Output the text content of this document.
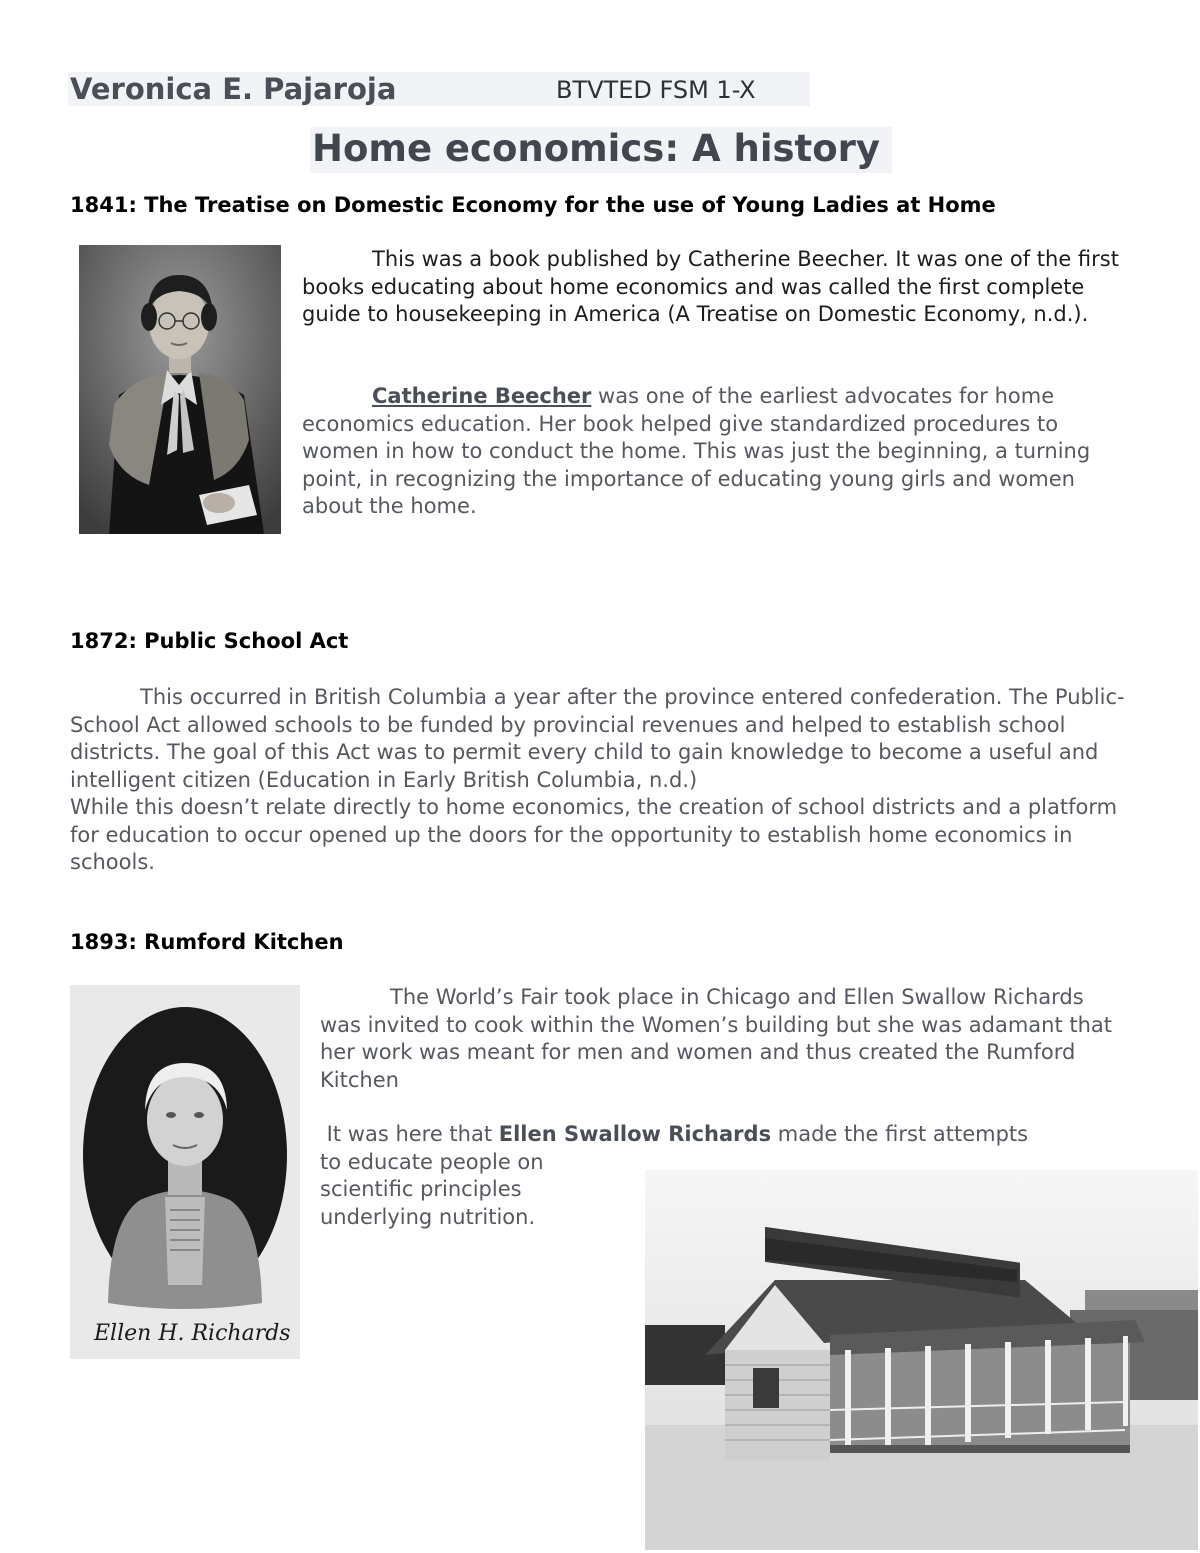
Veronica E. Pajaroja	BTVTED FSM 1-X
Home economics: A history
1841: The Treatise on Domestic Economy for the use of Young Ladies at Home
This was a book published by Catherine Beecher. It was one of the first books educating about home economics and was called the first complete guide to housekeeping in America (A Treatise on Domestic Economy, n.d.).
Catherine Beecher was one of the earliest advocates for home economics education. Her book helped give standardized procedures to women in how to conduct the home. This was just the beginning, a turning point, in recognizing the importance of educating young girls and women about the home.
1872: Public School Act
This occurred in British Columbia a year after the province entered confederation. The Public-School Act allowed schools to be funded by provincial revenues and helped to establish school districts. The goal of this Act was to permit every child to gain knowledge to become a useful and intelligent citizen (Education in Early British Columbia, n.d.)
While this doesn’t relate directly to home economics, the creation of school districts and a platform for education to occur opened up the doors for the opportunity to establish home economics in schools.
1893: Rumford Kitchen
Ellen H. Richards
The World’s Fair took place in Chicago and Ellen Swallow Richards was invited to cook within the Women’s building but she was adamant that her work was meant for men and women and thus created the Rumford Kitchen
It was here that Ellen Swallow Richards made the first attempts
to educate people on
scientific principles
underlying nutrition.
